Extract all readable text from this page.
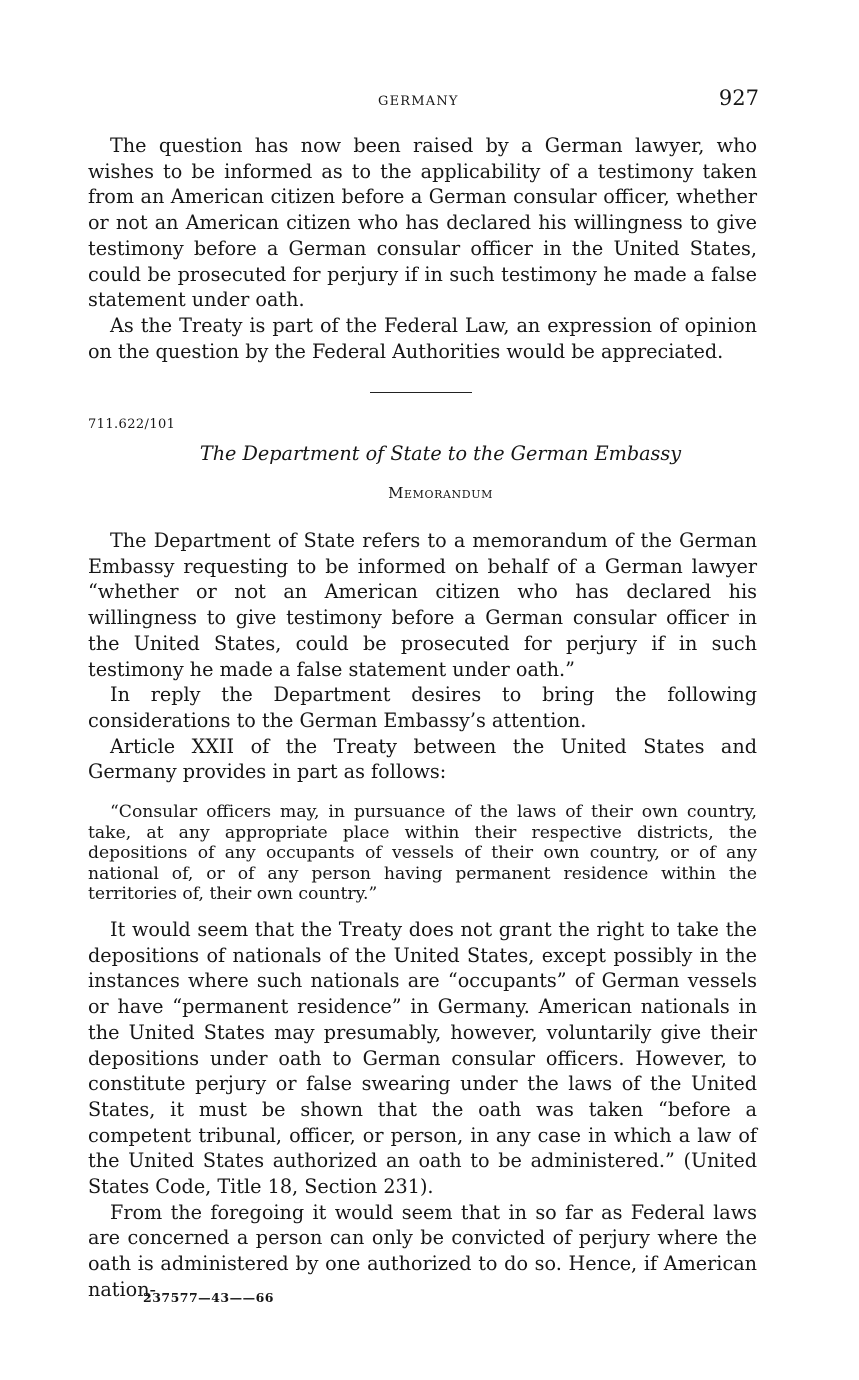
GERMANY	927

The question has now been raised by a German lawyer, who wishes to be informed as to the applicability of a testimony taken from an American citizen before a German consular officer, whether or not an American citizen who has declared his willingness to give testimony before a German consular officer in the United States, could be prosecuted for perjury if in such testimony he made a false statement under oath.

As the Treaty is part of the Federal Law, an expression of opinion on the question by the Federal Authorities would be appreciated.

711.622/101
The Department of State to the German Embassy
Memorandum

The Department of State refers to a memorandum of the German Embassy requesting to be informed on behalf of a German lawyer “whether or not an American citizen who has declared his willingness to give testimony before a German consular officer in the United States, could be prosecuted for perjury if in such testimony he made a false statement under oath.”

In reply the Department desires to bring the following considerations to the German Embassy’s attention.

Article XXII of the Treaty between the United States and Germany provides in part as follows:

“Consular officers may, in pursuance of the laws of their own country, take, at any appropriate place within their respective districts, the depositions of any occupants of vessels of their own country, or of any national of, or of any person having permanent residence within the territories of, their own country.”

It would seem that the Treaty does not grant the right to take the depositions of nationals of the United States, except possibly in the instances where such nationals are “occupants” of German vessels or have “permanent residence” in Germany. American nationals in the United States may presumably, however, voluntarily give their depositions under oath to German consular officers. However, to constitute perjury or false swearing under the laws of the United States, it must be shown that the oath was taken “before a competent tribunal, officer, or person, in any case in which a law of the United States authorized an oath to be administered.” (United States Code, Title 18, Section 231).

From the foregoing it would seem that in so far as Federal laws are concerned a person can only be convicted of perjury where the oath is administered by one authorized to do so. Hence, if American nation-

237577—43——66
